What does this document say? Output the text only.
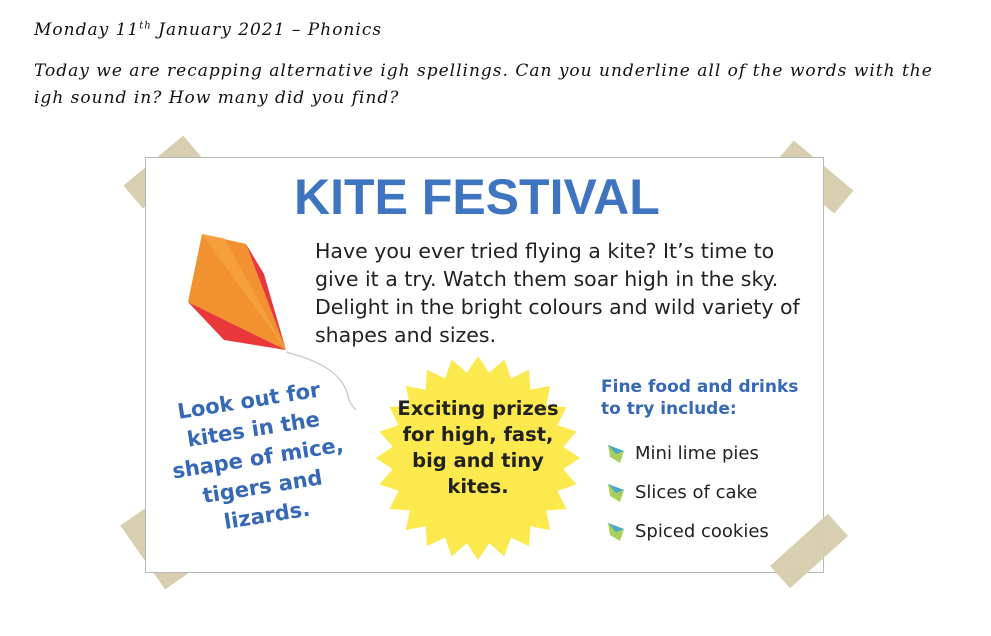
Monday 11th January 2021 – Phonics
Today we are recapping alternative igh spellings. Can you underline all of the words with the igh sound in? How many did you find?
KITE FESTIVAL
Have you ever tried flying a kite? It’s time to give it a try. Watch them soar high in the sky. Delight in the bright colours and wild variety of shapes and sizes.
Look out for kites in the shape of mice, tigers and lizards.
Exciting prizes for high, fast, big and tiny kites.
Fine food and drinks to try include:
Mini lime pies
Slices of cake
Spiced cookies
